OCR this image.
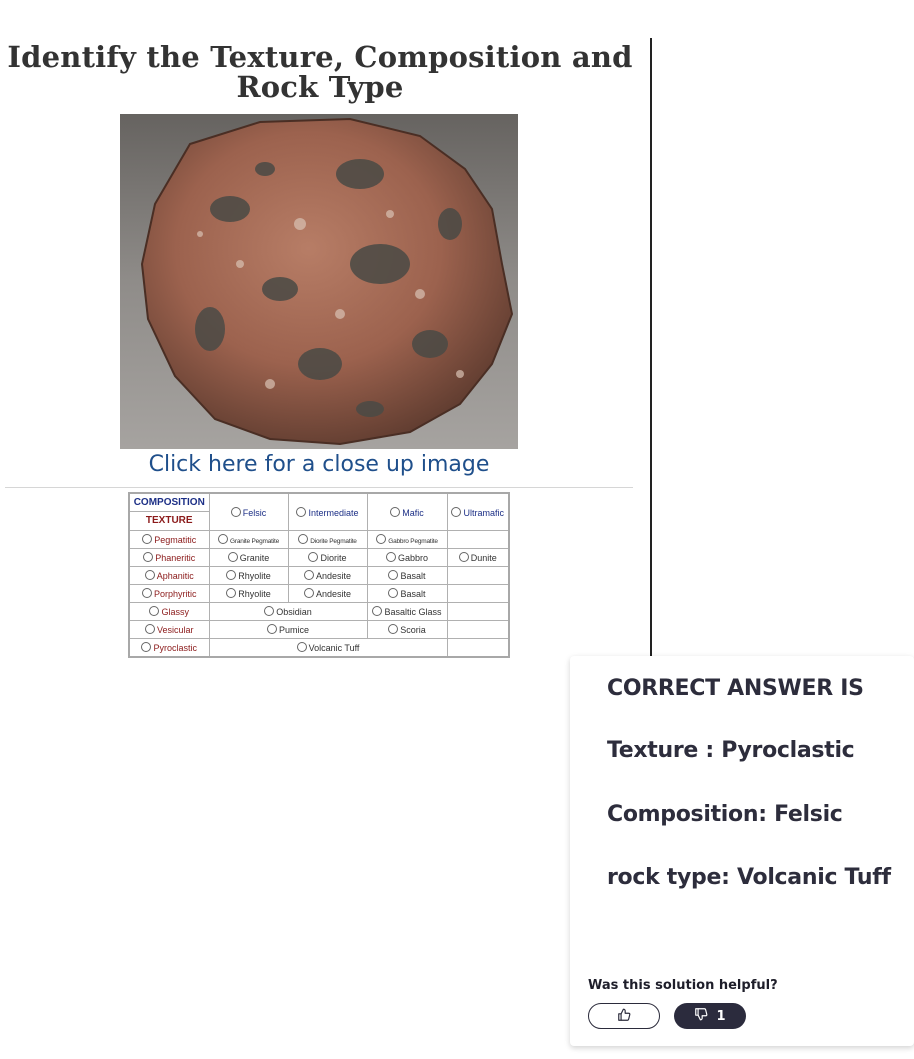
Identify the Texture, Composition and
Rock Type
Click here for a close up image
COMPOSITION
TEXTURE	Felsic	Intermediate	Mafic	Ultramafic
Pegmatitic	Granite Pegmatite	Diorite Pegmatite	Gabbro Pegmatite	
Phaneritic	Granite	Diorite	Gabbro	Dunite
Aphanitic	Rhyolite	Andesite	Basalt	
Porphyritic	Rhyolite	Andesite	Basalt	
Glassy	Obsidian		Basaltic Glass	
Vesicular	Pumice		Scoria	
Pyroclastic	Volcanic Tuff			
CORRECT ANSWER IS
Texture : Pyroclastic
Composition: Felsic
rock type: Volcanic Tuff
Was this solution helpful?
1
